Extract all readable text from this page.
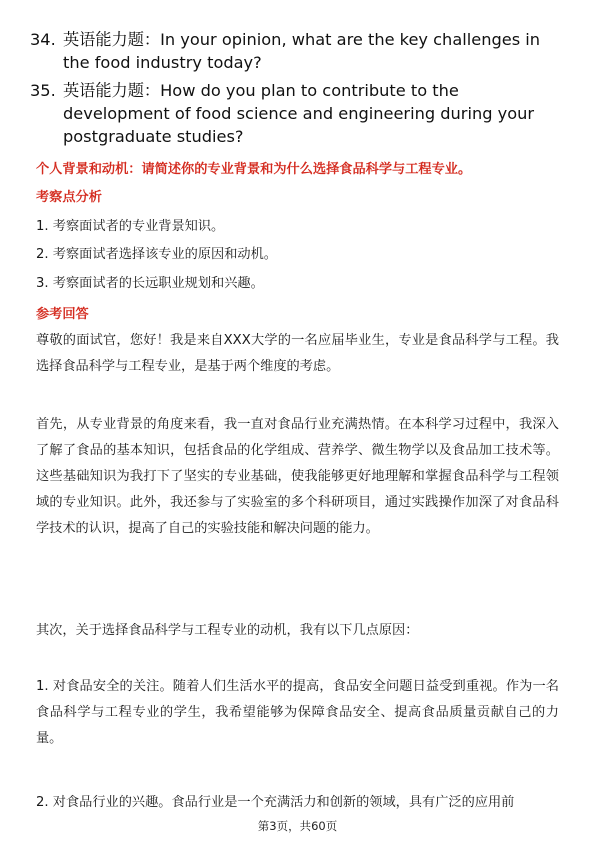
34. 英语能力题：In your opinion, what are the key challenges in the food industry today?
35. 英语能力题：How do you plan to contribute to the development of food science and engineering during your postgraduate studies?
个人背景和动机：请简述你的专业背景和为什么选择食品科学与工程专业。
考察点分析
1. 考察面试者的专业背景知识。
2. 考察面试者选择该专业的原因和动机。
3. 考察面试者的长远职业规划和兴趣。
参考回答
尊敬的面试官，您好！我是来自XXX大学的一名应届毕业生，专业是食品科学与工程。我选择食品科学与工程专业，是基于两个维度的考虑。
首先，从专业背景的角度来看，我一直对食品行业充满热情。在本科学习过程中，我深入了解了食品的基本知识，包括食品的化学组成、营养学、微生物学以及食品加工技术等。这些基础知识为我打下了坚实的专业基础，使我能够更好地理解和掌握食品科学与工程领域的专业知识。此外，我还参与了实验室的多个科研项目，通过实践操作加深了对食品科学技术的认识，提高了自己的实验技能和解决问题的能力。
其次，关于选择食品科学与工程专业的动机，我有以下几点原因：
1. 对食品安全的关注。随着人们生活水平的提高，食品安全问题日益受到重视。作为一名食品科学与工程专业的学生，我希望能够为保障食品安全、提高食品质量贡献自己的力量。
2. 对食品行业的兴趣。食品行业是一个充满活力和创新的领域，具有广泛的应用前
第3页，共60页
